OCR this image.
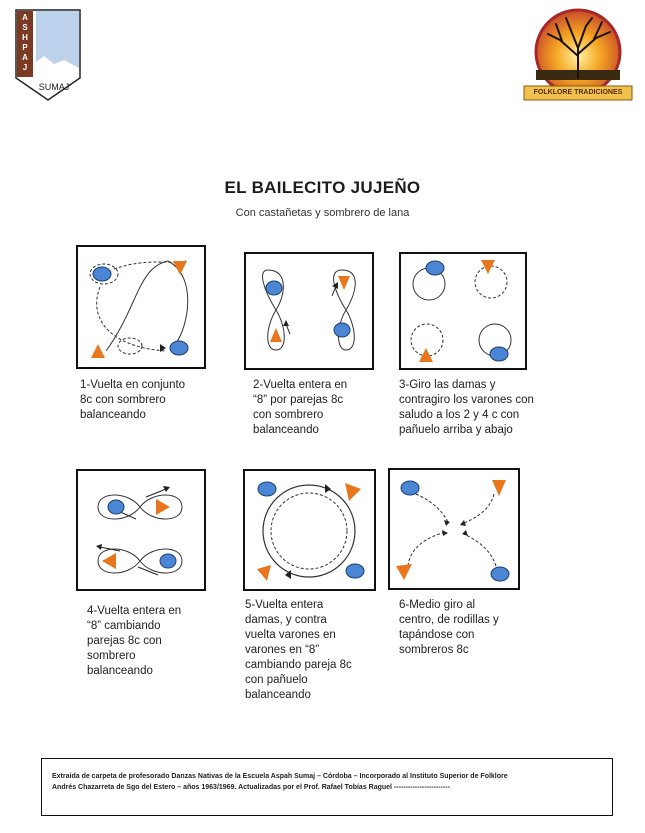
A
S
H
P
A
J
SUMAJ
FOLKLORE TRADICIONES
EL BAILECITO JUJEÑO
Con castañetas y sombrero de lana
1-Vuelta en conjunto
8c con sombrero
balanceando
2-Vuelta entera en
“8” por parejas 8c
con sombrero
balanceando
3-Giro las damas y
contragiro los varones con
saludo a los 2 y 4 c con
pañuelo arriba y abajo
4-Vuelta entera en
“8” cambiando
parejas 8c con
sombrero
balanceando
5-Vuelta entera
damas, y contra
vuelta varones en
varones en “8”
cambiando pareja 8c
con pañuelo
balanceando
6-Medio giro al
centro, de rodillas y
tapándose con
sombreros 8c
Extraída de carpeta de profesorado Danzas Nativas de la Escuela Aspah Sumaj – Córdoba – Incorporado al Instituto Superior de Folklore
Andrés Chazarreta de Sgo del Estero – años 1963/1969. Actualizadas por el Prof. Rafael Tobías Raguel ------------------------
